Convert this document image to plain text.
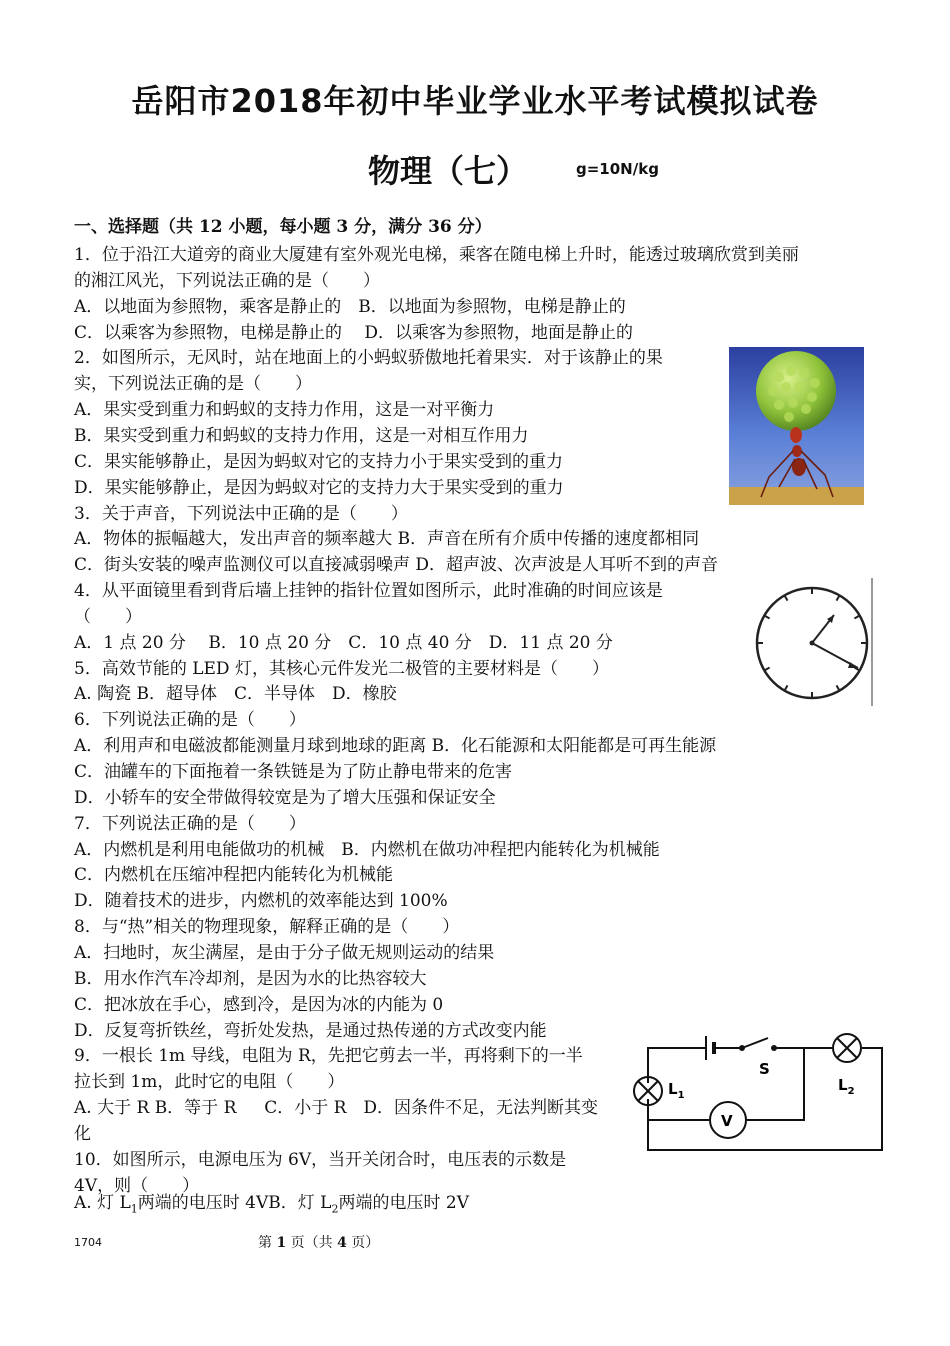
岳阳市2018年初中毕业学业水平考试模拟试卷
物理（七）	g=10N/kg
一、选择题（共 12 小题，每小题 3 分，满分 36 分）
1．位于沿江大道旁的商业大厦建有室外观光电梯，乘客在随电梯上升时，能透过玻璃欣赏到美丽
的湘江风光，下列说法正确的是（　　）
A．以地面为参照物，乘客是静止的　B．以地面为参照物，电梯是静止的
C．以乘客为参照物，电梯是静止的　 D．以乘客为参照物，地面是静止的
2．如图所示，无风时，站在地面上的小蚂蚁骄傲地托着果实．对于该静止的果
实，下列说法正确的是（　　）
A．果实受到重力和蚂蚁的支持力作用，这是一对平衡力
B．果实受到重力和蚂蚁的支持力作用，这是一对相互作用力
C．果实能够静止，是因为蚂蚁对它的支持力小于果实受到的重力
D．果实能够静止，是因为蚂蚁对它的支持力大于果实受到的重力
3．关于声音，下列说法中正确的是（　　）
A．物体的振幅越大，发出声音的频率越大 B．声音在所有介质中传播的速度都相同
C．街头安装的噪声监测仪可以直接减弱噪声 D．超声波、次声波是人耳听不到的声音
4．从平面镜里看到背后墙上挂钟的指针位置如图所示，此时准确的时间应该是
（　　）
A．1 点 20 分　 B．10 点 20 分　C．10 点 40 分　D．11 点 20 分
5．高效节能的 LED 灯，其核心元件发光二极管的主要材料是（　　）
A. 陶瓷 B．超导体　C．半导体　D．橡胶
6．下列说法正确的是（　　）
A．利用声和电磁波都能测量月球到地球的距离 B．化石能源和太阳能都是可再生能源
C．油罐车的下面拖着一条铁链是为了防止静电带来的危害
D．小轿车的安全带做得较宽是为了增大压强和保证安全
7．下列说法正确的是（　　）
A．内燃机是利用电能做功的机械　B．内燃机在做功冲程把内能转化为机械能
C．内燃机在压缩冲程把内能转化为机械能
D．随着技术的进步，内燃机的效率能达到 100%
8．与“热”相关的物理现象，解释正确的是（　　）
A．扫地时，灰尘满屋，是由于分子做无规则运动的结果
B．用水作汽车冷却剂，是因为水的比热容较大
C．把冰放在手心，感到冷，是因为冰的内能为 0
D．反复弯折铁丝，弯折处发热，是通过热传递的方式改变内能
9．一根长 1m 导线，电阻为 R，先把它剪去一半，再将剩下的一半
拉长到 1m，此时它的电阻（　　）
A. 大于 R B．等于 R 　 C．小于 R　D．因条件不足，无法判断其变
化
10．如图所示，电源电压为 6V，当开关闭合时，电压表的示数是
4V，则（　　）
A. 灯 $L_1$两端的电压时 4VB．灯 $L_2$两端的电压时 2V
S
$L_1$
$L_2$
V
1704	第 1 页（共 4 页）
